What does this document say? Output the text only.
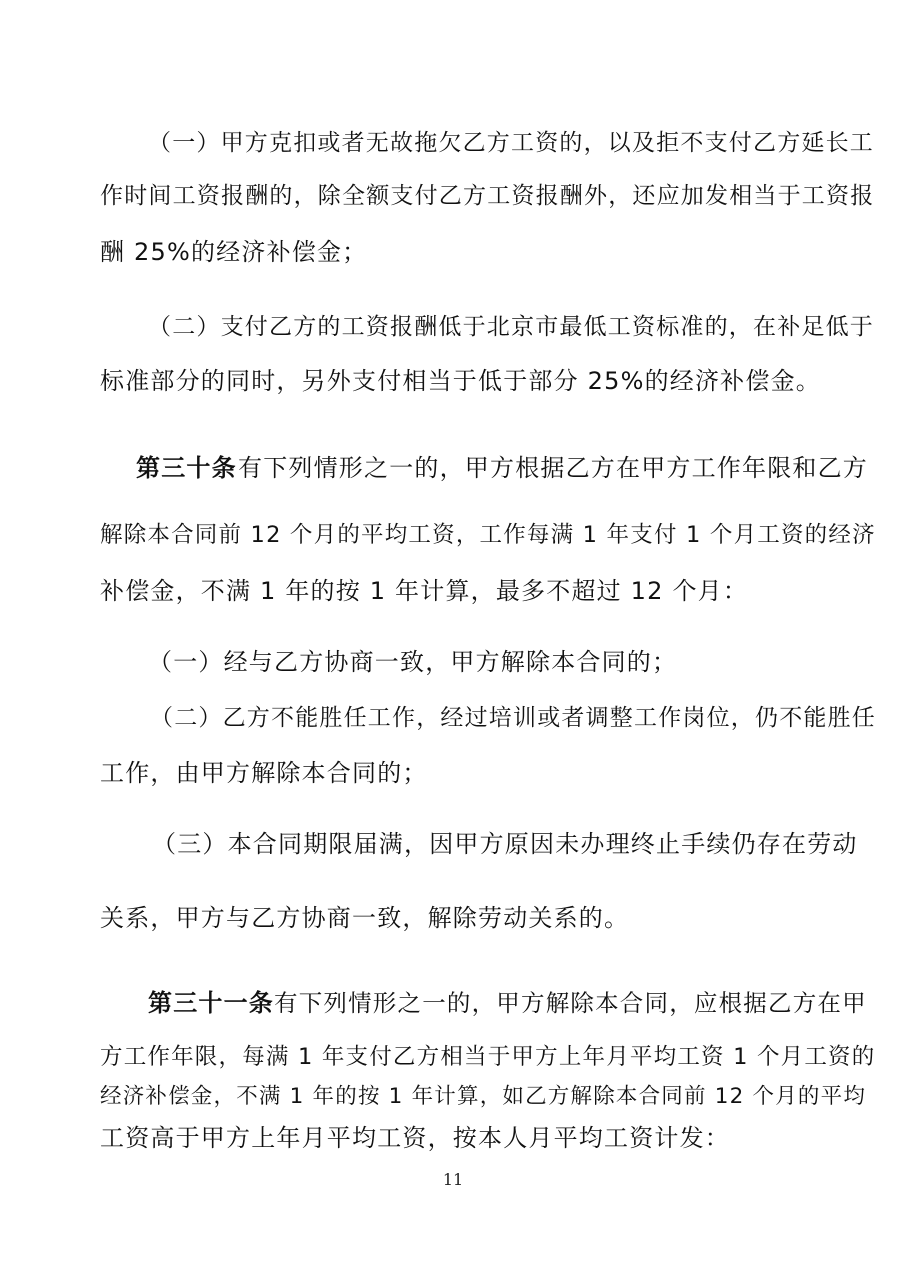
（一）甲方克扣或者无故拖欠乙方工资的，以及拒不支付乙方延长工
作时间工资报酬的，除全额支付乙方工资报酬外，还应加发相当于工资报
酬 25%的经济补偿金；
（二）支付乙方的工资报酬低于北京市最低工资标准的，在补足低于
标准部分的同时，另外支付相当于低于部分 25%的经济补偿金。
第三十条 有下列情形之一的，甲方根据乙方在甲方工作年限和乙方
解除本合同前 12 个月的平均工资，工作每满 1 年支付 1 个月工资的经济
补偿金，不满 1 年的按 1 年计算，最多不超过 12 个月：
（一）经与乙方协商一致，甲方解除本合同的；
（二）乙方不能胜任工作，经过培训或者调整工作岗位，仍不能胜任
工作，由甲方解除本合同的；
（三）本合同期限届满，因甲方原因未办理终止手续仍存在劳动
关系，甲方与乙方协商一致，解除劳动关系的。
第三十一条 有下列情形之一的，甲方解除本合同，应根据乙方在甲
方工作年限，每满 1 年支付乙方相当于甲方上年月平均工资 1 个月工资的
经济补偿金，不满 1 年的按 1 年计算，如乙方解除本合同前 12 个月的平均
工资高于甲方上年月平均工资，按本人月平均工资计发：
11
